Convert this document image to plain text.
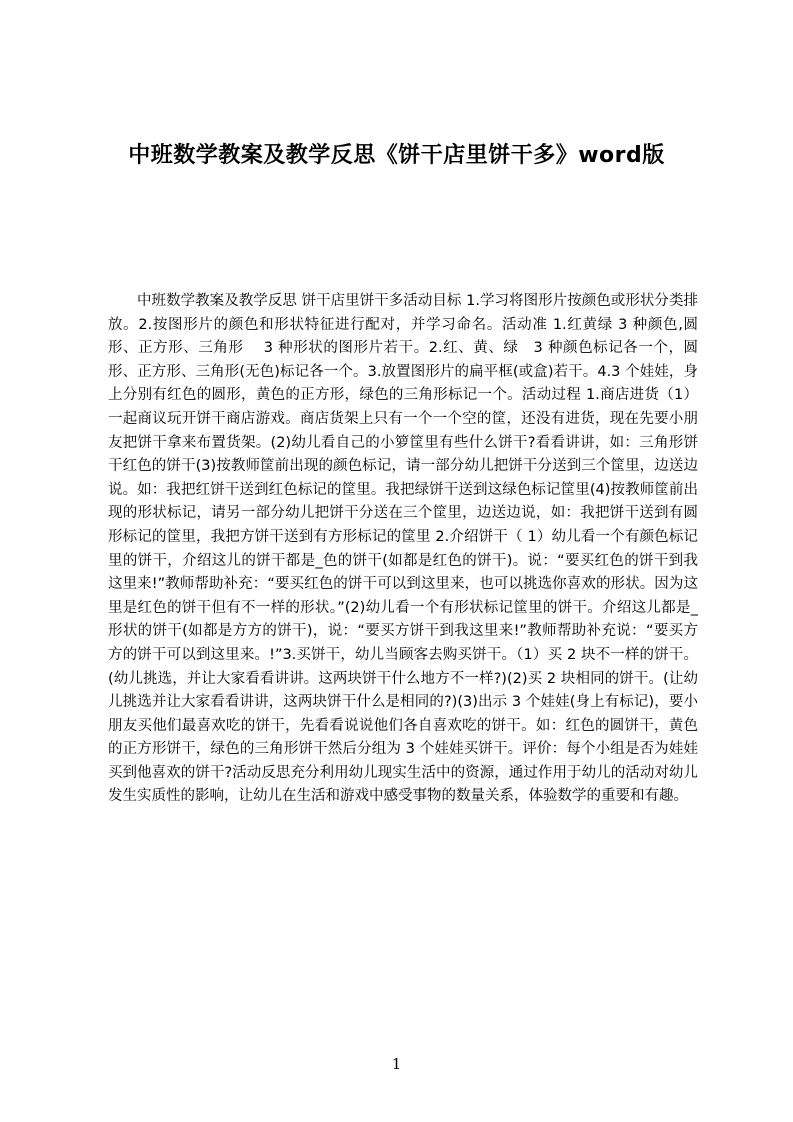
中班数学教案及教学反思《饼干店里饼干多》word版

中班数学教案及教学反思 饼干店里饼干多活动目标 1.学习将图形片按颜色或形状分类排放。2.按图形片的颜色和形状特征进行配对，并学习命名。活动准 1.红黄绿 3 种颜色,圆形、正方形、三角形　 3 种形状的图形片若干。2.红、黄、绿　3 种颜色标记各一个，圆形、正方形、三角形(无色)标记各一个。3.放置图形片的扁平框(或盒)若干。4.3 个娃娃，身上分别有红色的圆形，黄色的正方形，绿色的三角形标记一个。活动过程 1.商店进货（1）一起商议玩开饼干商店游戏。商店货架上只有一个一个空的筐，还没有进货，现在先要小朋友把饼干拿来布置货架。(2)幼儿看自己的小箩筐里有些什么饼干?看看讲讲，如：三角形饼干红色的饼干(3)按教师筐前出现的颜色标记，请一部分幼儿把饼干分送到三个筐里，边送边说。如：我把红饼干送到红色标记的筐里。我把绿饼干送到这绿色标记筐里(4)按教师筐前出现的形状标记，请另一部分幼儿把饼干分送在三个筐里，边送边说，如：我把饼干送到有圆形标记的筐里，我把方饼干送到有方形标记的筐里 2.介绍饼干（ 1）幼儿看一个有颜色标记里的饼干，介绍这儿的饼干都是_色的饼干(如都是红色的饼干)。说：“要买红色的饼干到我这里来!”教师帮助补充：“要买红色的饼干可以到这里来，也可以挑选你喜欢的形状。因为这里是红色的饼干但有不一样的形状。”(2)幼儿看一个有形状标记筐里的饼干。介绍这儿都是_形状的饼干(如都是方方的饼干)，说：“要买方饼干到我这里来!”教师帮助补充说：“要买方方的饼干可以到这里来。!”3.买饼干，幼儿当顾客去购买饼干。（1）买 2 块不一样的饼干。(幼儿挑选，并让大家看看讲讲。这两块饼干什么地方不一样?)(2)买 2 块相同的饼干。(让幼儿挑选并让大家看看讲讲，这两块饼干什么是相同的?)(3)出示 3 个娃娃(身上有标记)，要小朋友买他们最喜欢吃的饼干，先看看说说他们各自喜欢吃的饼干。如：红色的圆饼干，黄色的正方形饼干，绿色的三角形饼干然后分组为 3 个娃娃买饼干。评价：每个小组是否为娃娃买到他喜欢的饼干?活动反思充分利用幼儿现实生活中的资源，通过作用于幼儿的活动对幼儿发生实质性的影响，让幼儿在生活和游戏中感受事物的数量关系，体验数学的重要和有趣。

1
